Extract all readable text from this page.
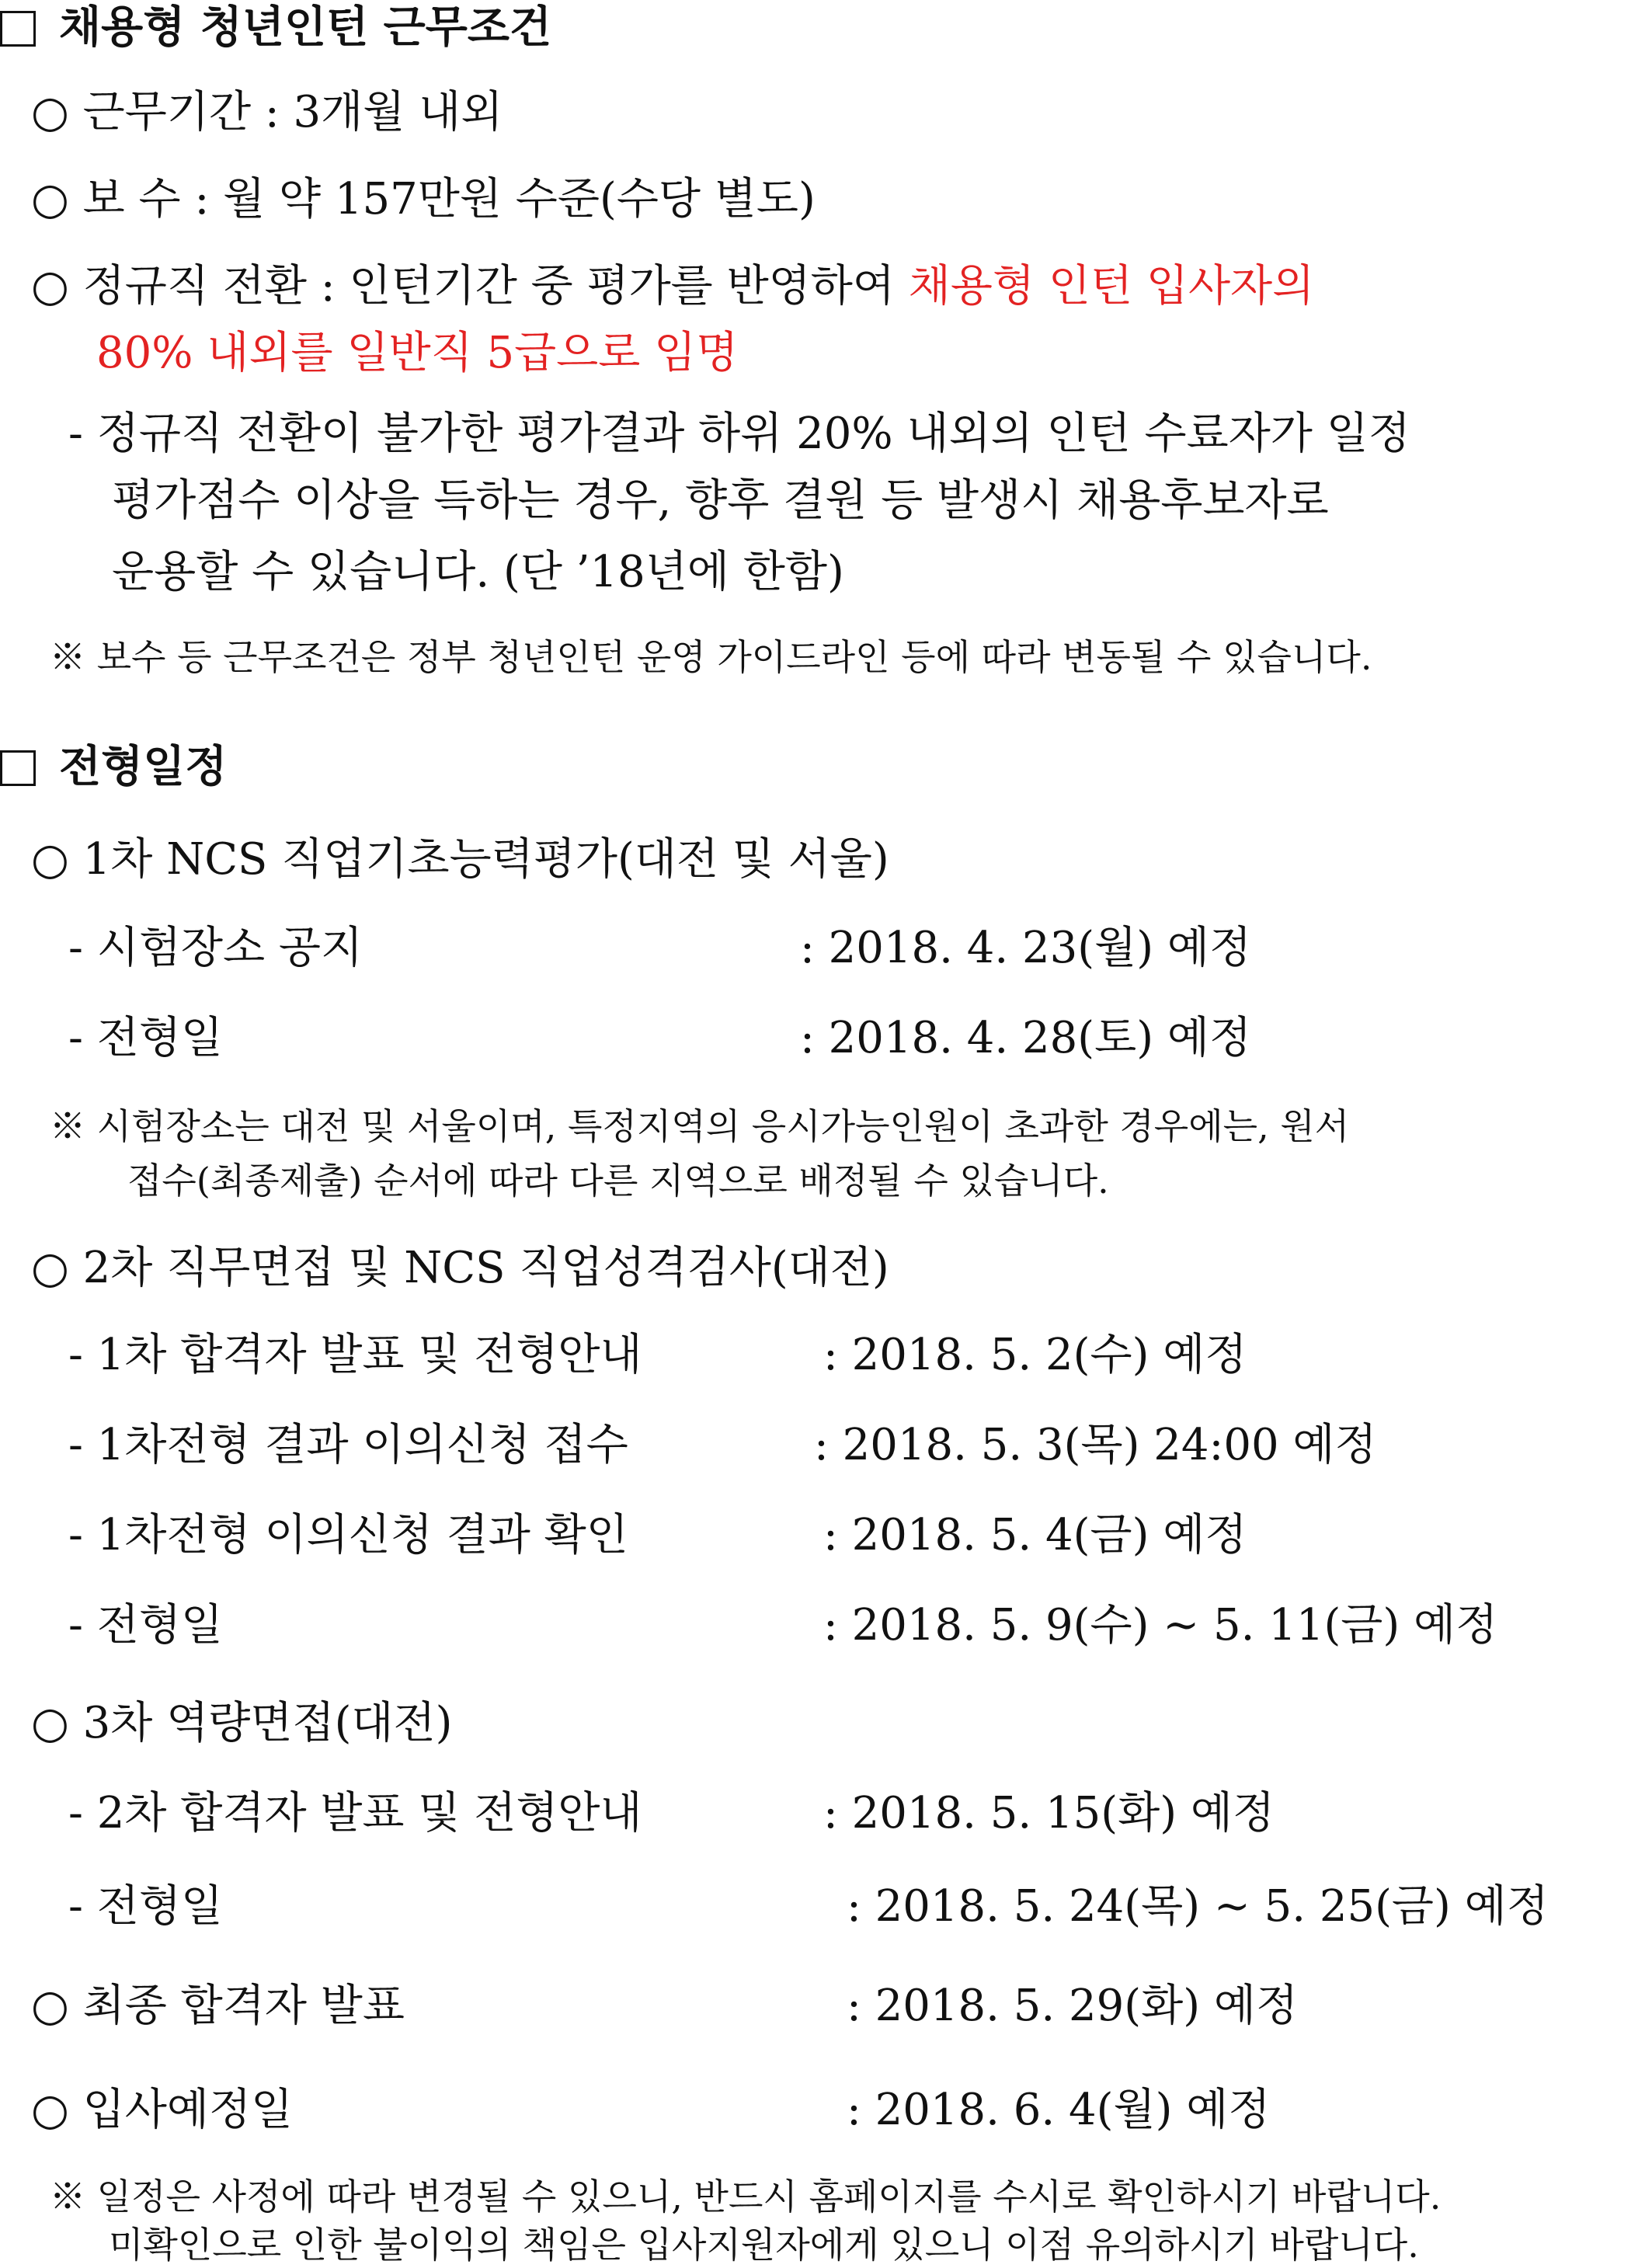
채용형 청년인턴 근무조건
○ 근무기간 : 3개월 내외
○ 보 수 : 월 약 157만원 수준(수당 별도)
○ 정규직 전환 : 인턴기간 중 평가를 반영하여 채용형 인턴 입사자의
80% 내외를 일반직 5급으로 임명
- 정규직 전환이 불가한 평가결과 하위 20% 내외의 인턴 수료자가 일정
평가점수 이상을 득하는 경우, 향후 결원 등 발생시 채용후보자로
운용할 수 있습니다. (단 ’18년에 한함)
※ 보수 등 근무조건은 정부 청년인턴 운영 가이드라인 등에 따라 변동될 수 있습니다.
전형일정
○ 1차 NCS 직업기초능력평가(대전 및 서울)
- 시험장소 공지	: 2018. 4. 23(월) 예정
- 전형일	: 2018. 4. 28(토) 예정
※ 시험장소는 대전 및 서울이며, 특정지역의 응시가능인원이 초과한 경우에는, 원서
접수(최종제출) 순서에 따라 다른 지역으로 배정될 수 있습니다.
○ 2차 직무면접 및 NCS 직업성격검사(대전)
- 1차 합격자 발표 및 전형안내	: 2018. 5. 2(수) 예정
- 1차전형 결과 이의신청 접수	: 2018. 5. 3(목) 24:00 예정
- 1차전형 이의신청 결과 확인	: 2018. 5. 4(금) 예정
- 전형일	: 2018. 5. 9(수) ~ 5. 11(금) 예정
○ 3차 역량면접(대전)
- 2차 합격자 발표 및 전형안내	: 2018. 5. 15(화) 예정
- 전형일	: 2018. 5. 24(목) ~ 5. 25(금) 예정
○ 최종 합격자 발표	: 2018. 5. 29(화) 예정
○ 입사예정일	: 2018. 6. 4(월) 예정
※ 일정은 사정에 따라 변경될 수 있으니, 반드시 홈페이지를 수시로 확인하시기 바랍니다.
미확인으로 인한 불이익의 책임은 입사지원자에게 있으니 이점 유의하시기 바랍니다.
